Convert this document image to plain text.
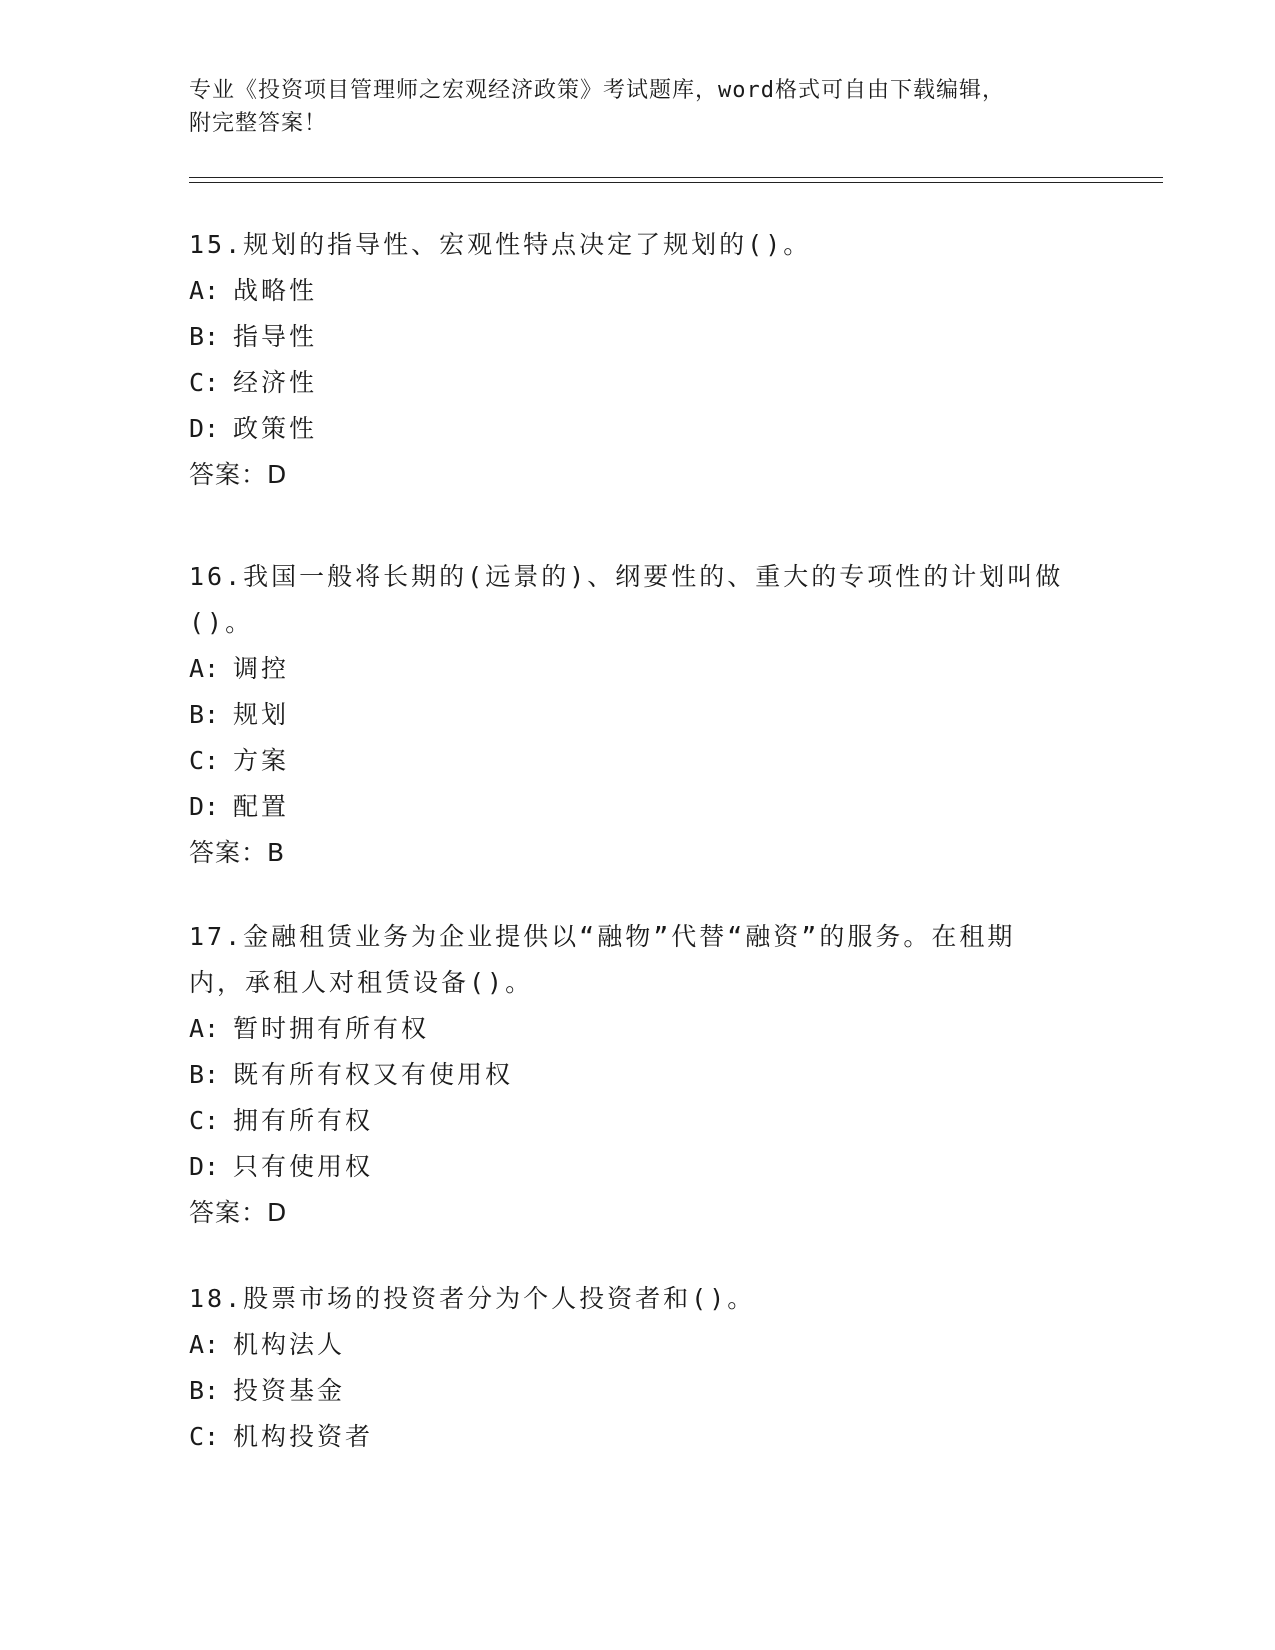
专业《投资项目管理师之宏观经济政策》考试题库，word格式可自由下载编辑，
附完整答案！
15.规划的指导性、宏观性特点决定了规划的()。
A: 战略性
B: 指导性
C: 经济性
D: 政策性
答案：D
16.我国一般将长期的(远景的)、纲要性的、重大的专项性的计划叫做
()。
A: 调控
B: 规划
C: 方案
D: 配置
答案：B
17.金融租赁业务为企业提供以“融物”代替“融资”的服务。在租期
内，承租人对租赁设备()。
A: 暂时拥有所有权
B: 既有所有权又有使用权
C: 拥有所有权
D: 只有使用权
答案：D
18.股票市场的投资者分为个人投资者和()。
A: 机构法人
B: 投资基金
C: 机构投资者
